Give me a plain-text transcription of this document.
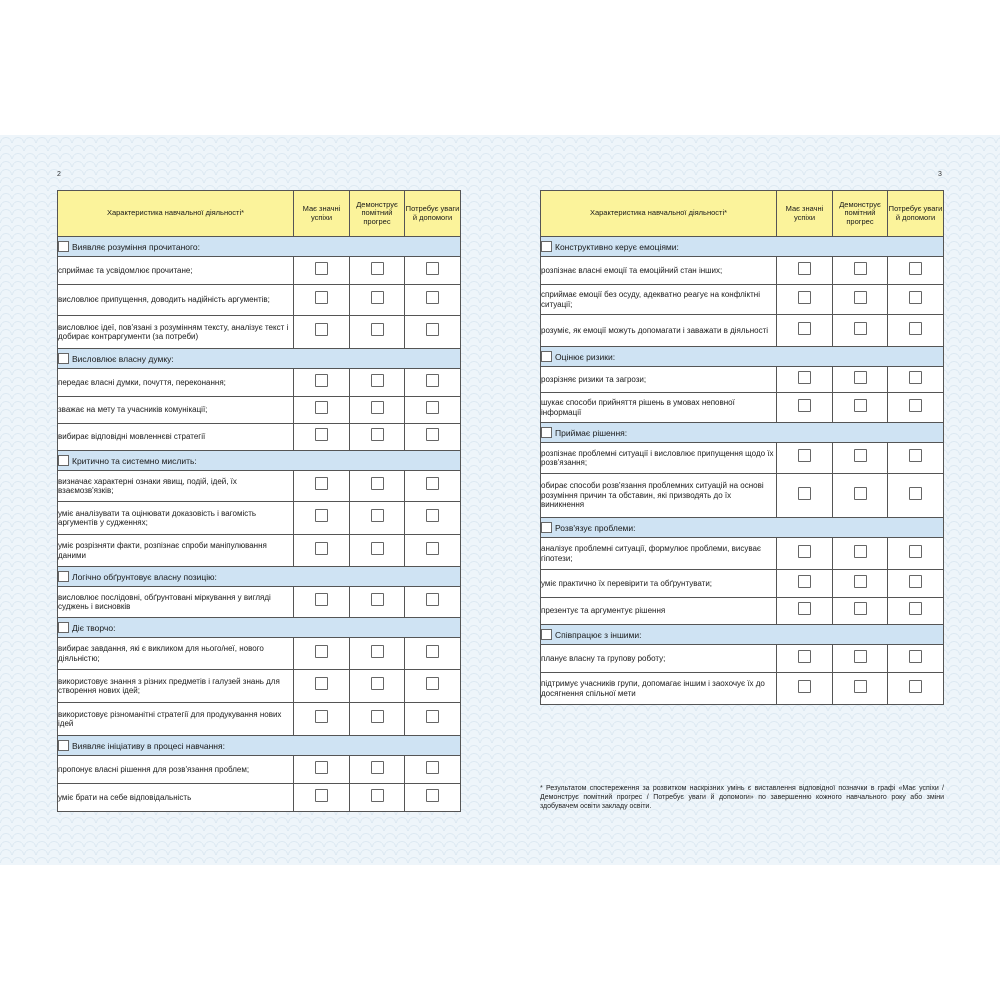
2	3
Характеристика навчальної діяльності*	Має значні успіхи	Демонструє помітний прогрес	Потребує уваги й допомоги
Виявляє розуміння прочитаного:			
сприймає та усвідомлює прочитане;			
висловлює припущення, доводить надійність аргументів;			
висловлює ідеї, пов'язані з розумінням тексту, аналізує текст і добирає контраргументи (за потреби)			
Висловлює власну думку:			
передає власні думки, почуття, переконання;			
зважає на мету та учасників комунікації;			
вибирає відповідні мовленнєві стратегії			
Критично та системно мислить:			
визначає характерні ознаки явищ, подій, ідей, їх взаємозв'язків;			
уміє аналізувати та оцінювати доказовість і вагомість аргументів у судженнях;			
уміє розрізняти факти, розпізнає спроби маніпулювання даними			
Логічно обґрунтовує власну позицію:			
висловлює послідовні, обґрунтовані міркування у вигляді суджень і висновків			
Діє творчо:			
вибирає завдання, які є викликом для нього/неї, нового діяльністю;			
використовує знання з різних предметів і галузей знань для створення нових ідей;			
використовує різноманітні стратегії для продукування нових ідей			
Виявляє ініціативу в процесі навчання:			
пропонує власні рішення для розв'язання проблем;			
уміє брати на себе відповідальність			
Характеристика навчальної діяльності*	Має значні успіхи	Демонструє помітний прогрес	Потребує уваги й допомоги
Конструктивно керує емоціями:			
розпізнає власні емоції та емоційний стан інших;			
сприймає емоції без осуду, адекватно реагує на конфліктні ситуації;			
розуміє, як емоції можуть допомагати і заважати в діяльності			
Оцінює ризики:			
розрізняє ризики та загрози;			
шукає способи прийняття рішень в умовах неповної інформації			
Приймає рішення:			
розпізнає проблемні ситуації і висловлює припущення щодо їх розв'язання;			
обирає способи розв'язання проблемних ситуацій на основі розуміння причин та обставин, які призводять до їх виникнення			
Розв'язує проблеми:			
аналізує проблемні ситуації, формулює проблеми, висуває гіпотези;			
уміє практично їх перевірити та обґрунтувати;			
презентує та аргументує рішення			
Співпрацює з іншими:			
планує власну та групову роботу;			
підтримує учасників групи, допомагає іншим і заохочує їх до досягнення спільної мети			
* Результатом спостереження за розвитком наскрізних умінь є виставлення відповідної позначки в графі «Має успіхи / Демонструє помітний прогрес / Потребує уваги й допомоги» по завершенню кожного навчального року або зміни здобувачем освіти закладу освіти.
